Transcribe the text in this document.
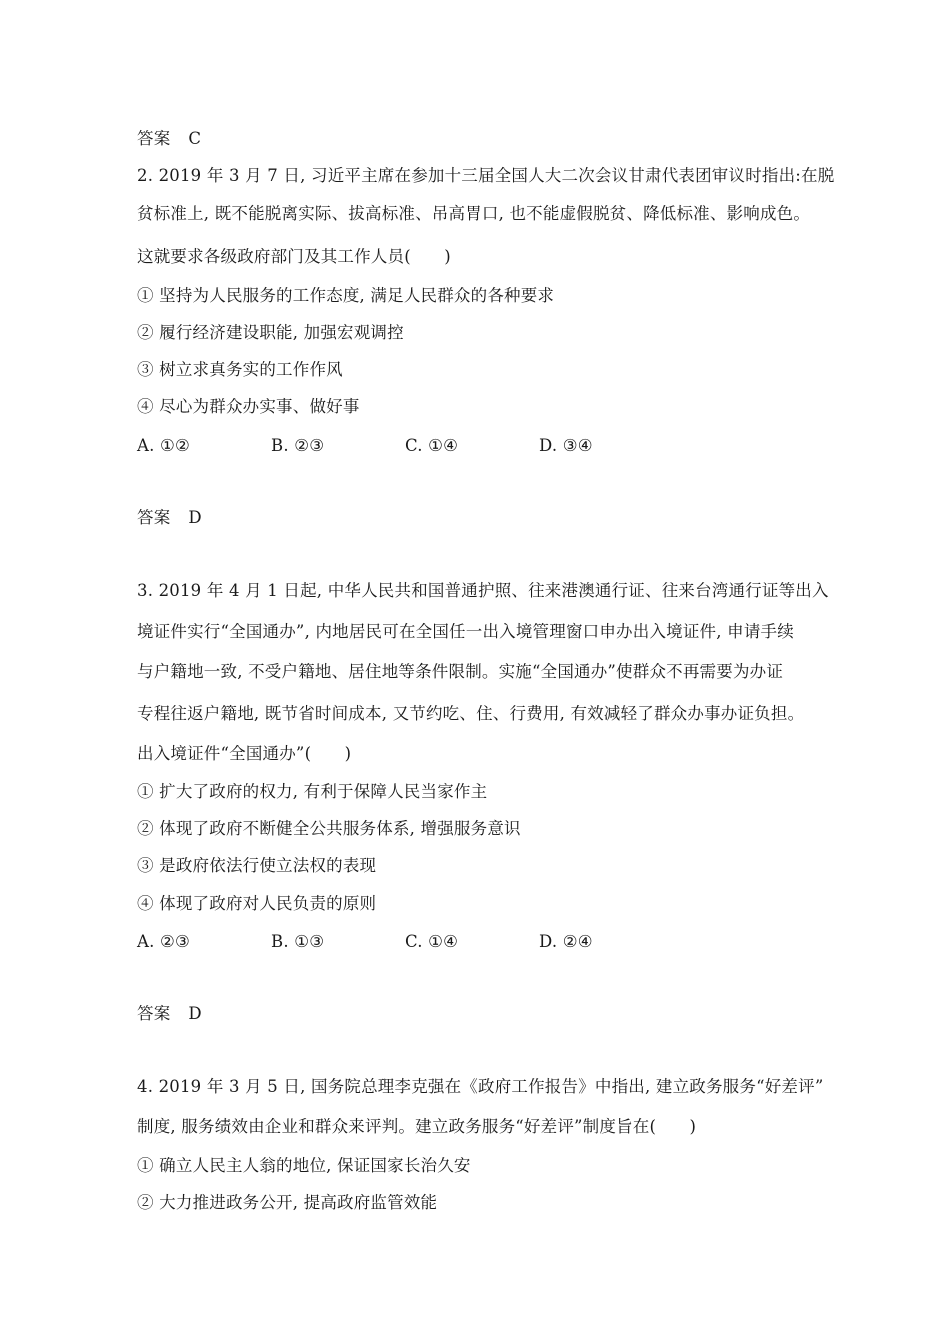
答案 C
2. 2019 年 3 月 7 日, 习近平主席在参加十三届全国人大二次会议甘肃代表团审议时指出:在脱
贫标准上, 既不能脱离实际、拔高标准、吊高胃口, 也不能虚假脱贫、降低标准、影响成色。
这就要求各级政府部门及其工作人员(　　)
① 坚持为人民服务的工作态度, 满足人民群众的各种要求
② 履行经济建设职能, 加强宏观调控
③ 树立求真务实的工作作风
④ 尽心为群众办实事、做好事
A. ①②	B. ②③	C. ①④	D. ③④
答案 D
3. 2019 年 4 月 1 日起, 中华人民共和国普通护照、往来港澳通行证、往来台湾通行证等出入
境证件实行“全国通办”, 内地居民可在全国任一出入境管理窗口申办出入境证件, 申请手续
与户籍地一致, 不受户籍地、居住地等条件限制。实施“全国通办”使群众不再需要为办证
专程往返户籍地, 既节省时间成本, 又节约吃、住、行费用, 有效减轻了群众办事办证负担。
出入境证件“全国通办”(　　)
① 扩大了政府的权力, 有利于保障人民当家作主
② 体现了政府不断健全公共服务体系, 增强服务意识
③ 是政府依法行使立法权的表现
④ 体现了政府对人民负责的原则
A. ②③	B. ①③	C. ①④	D. ②④
答案 D
4. 2019 年 3 月 5 日, 国务院总理李克强在《政府工作报告》中指出, 建立政务服务“好差评”
制度, 服务绩效由企业和群众来评判。建立政务服务“好差评”制度旨在(　　)
① 确立人民主人翁的地位, 保证国家长治久安
② 大力推进政务公开, 提高政府监管效能
